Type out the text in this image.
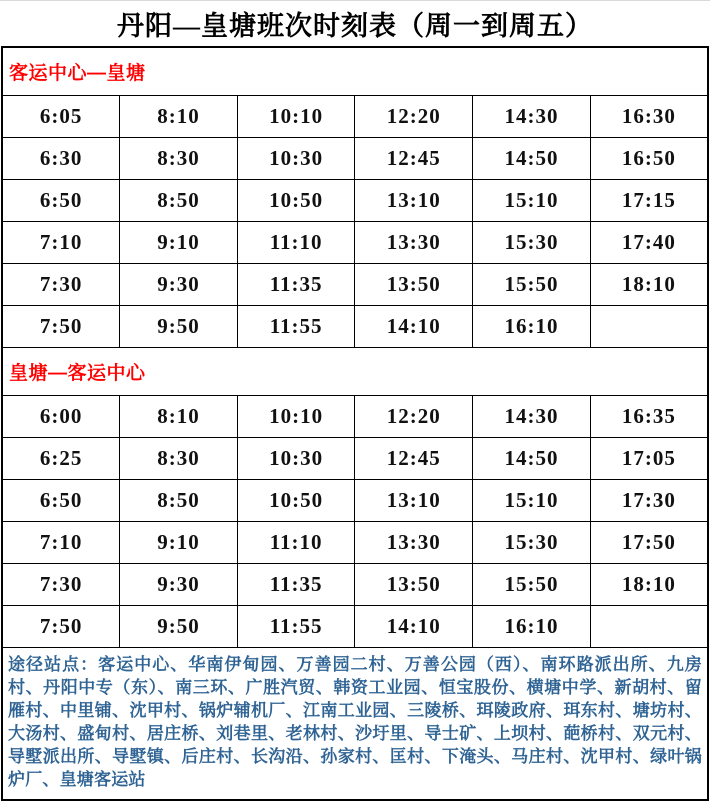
丹阳—皇塘班次时刻表（周一到周五）
客运中心—皇塘					
6:05	8:10	10:10	12:20	14:30	16:30
6:30	8:30	10:30	12:45	14:50	16:50
6:50	8:50	10:50	13:10	15:10	17:15
7:10	9:10	11:10	13:30	15:30	17:40
7:30	9:30	11:35	13:50	15:50	18:10
7:50	9:50	11:55	14:10	16:10	
皇塘—客运中心					
6:00	8:10	10:10	12:20	14:30	16:35
6:25	8:30	10:30	12:45	14:50	17:05
6:50	8:50	10:50	13:10	15:10	17:30
7:10	9:10	11:10	13:30	15:30	17:50
7:30	9:30	11:35	13:50	15:50	18:10
7:50	9:50	11:55	14:10	16:10	

途径站点：客运中心、华南伊甸园、万善园二村、万善公园（西）、南环路派出所、九房村、丹阳中专（东）、南三环、广胜汽贸、韩资工业园、恒宝股份、横塘中学、新胡村、留雁村、中里铺、沈甲村、锅炉辅机厂、江南工业园、三陵桥、珥陵政府、珥东村、塘坊村、大汤村、盛甸村、居庄桥、刘巷里、老林村、沙圩里、导士矿、上坝村、葩桥村、双元村、导墅派出所、导墅镇、后庄村、长沟沿、孙家村、匡村、下淹头、马庄村、沈甲村、绿叶锅炉厂、皇塘客运站					
